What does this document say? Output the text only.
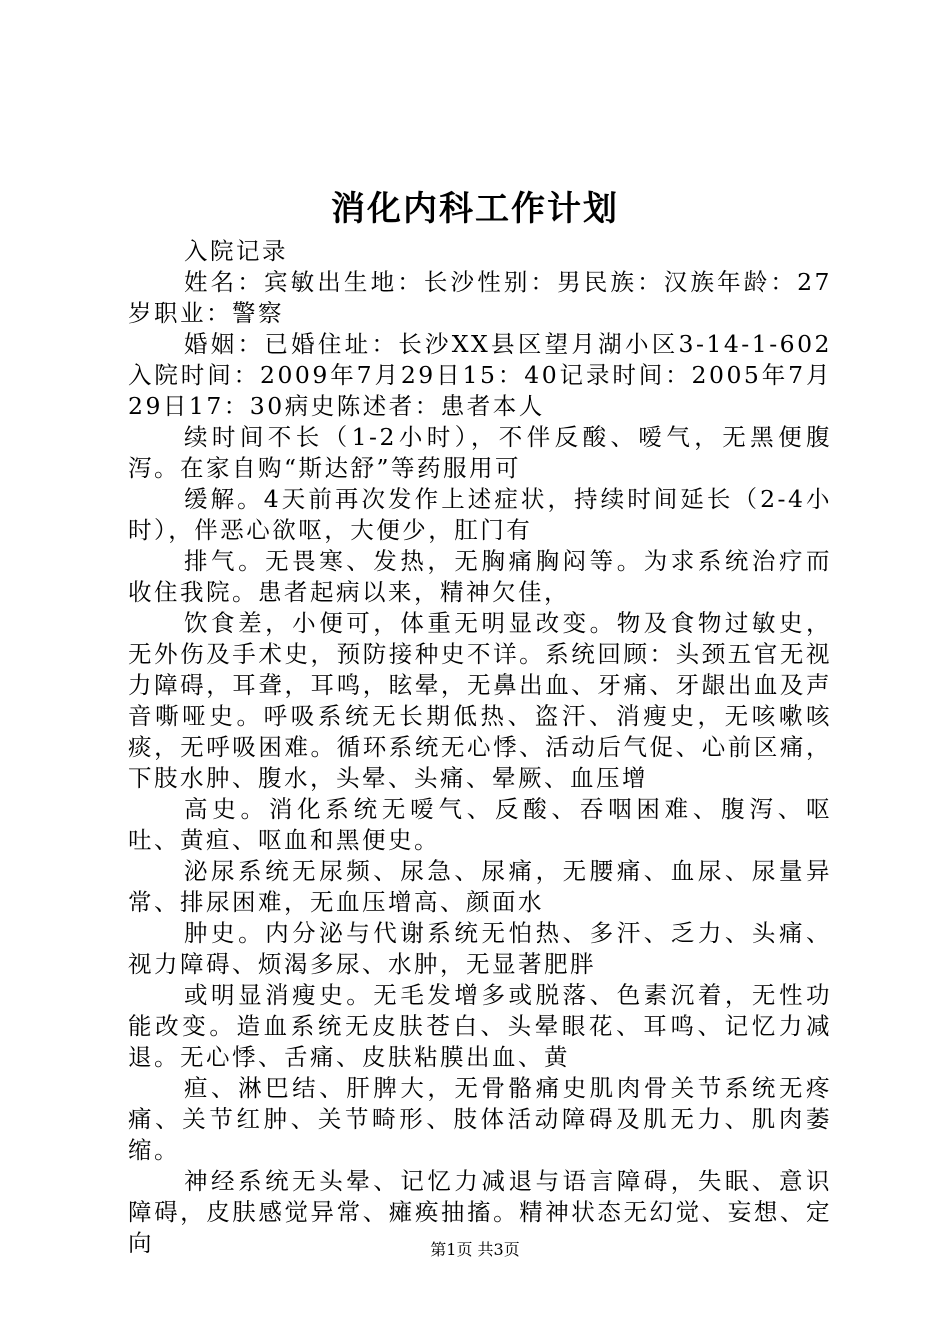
消化内科工作计划

入院记录

姓名：宾敏出生地：长沙性别：男民族：汉族年龄：27岁职业：警察

婚姻：已婚住址：长沙XX县区望月湖小区3-14-1-602入院时间：2009年7月29日15：40记录时间：2005年7月29日17：30病史陈述者：患者本人

续时间不长（1-2小时），不伴反酸、嗳气，无黑便腹泻。在家自购“斯达舒”等药服用可

缓解。4天前再次发作上述症状，持续时间延长（2-4小时），伴恶心欲呕，大便少，肛门有

排气。无畏寒、发热，无胸痛胸闷等。为求系统治疗而收住我院。患者起病以来，精神欠佳，

饮食差，小便可，体重无明显改变。物及食物过敏史，无外伤及手术史，预防接种史不详。系统回顾：头颈五官无视力障碍，耳聋，耳鸣，眩晕，无鼻出血、牙痛、牙龈出血及声音嘶哑史。呼吸系统无长期低热、盗汗、消瘦史，无咳嗽咳痰，无呼吸困难。循环系统无心悸、活动后气促、心前区痛，下肢水肿、腹水，头晕、头痛、晕厥、血压增

高史。消化系统无嗳气、反酸、吞咽困难、腹泻、呕吐、黄疸、呕血和黑便史。

泌尿系统无尿频、尿急、尿痛，无腰痛、血尿、尿量异常、排尿困难，无血压增高、颜面水

肿史。内分泌与代谢系统无怕热、多汗、乏力、头痛、视力障碍、烦渴多尿、水肿，无显著肥胖

或明显消瘦史。无毛发增多或脱落、色素沉着，无性功能改变。造血系统无皮肤苍白、头晕眼花、耳鸣、记忆力减退。无心悸、舌痛、皮肤粘膜出血、黄

疸、淋巴结、肝脾大，无骨骼痛史肌肉骨关节系统无疼痛、关节红肿、关节畸形、肢体活动障碍及肌无力、肌肉萎缩。

神经系统无头晕、记忆力减退与语言障碍，失眠、意识障碍，皮肤感觉异常、瘫痪抽搐。精神状态无幻觉、妄想、定向	第1页 共3页
